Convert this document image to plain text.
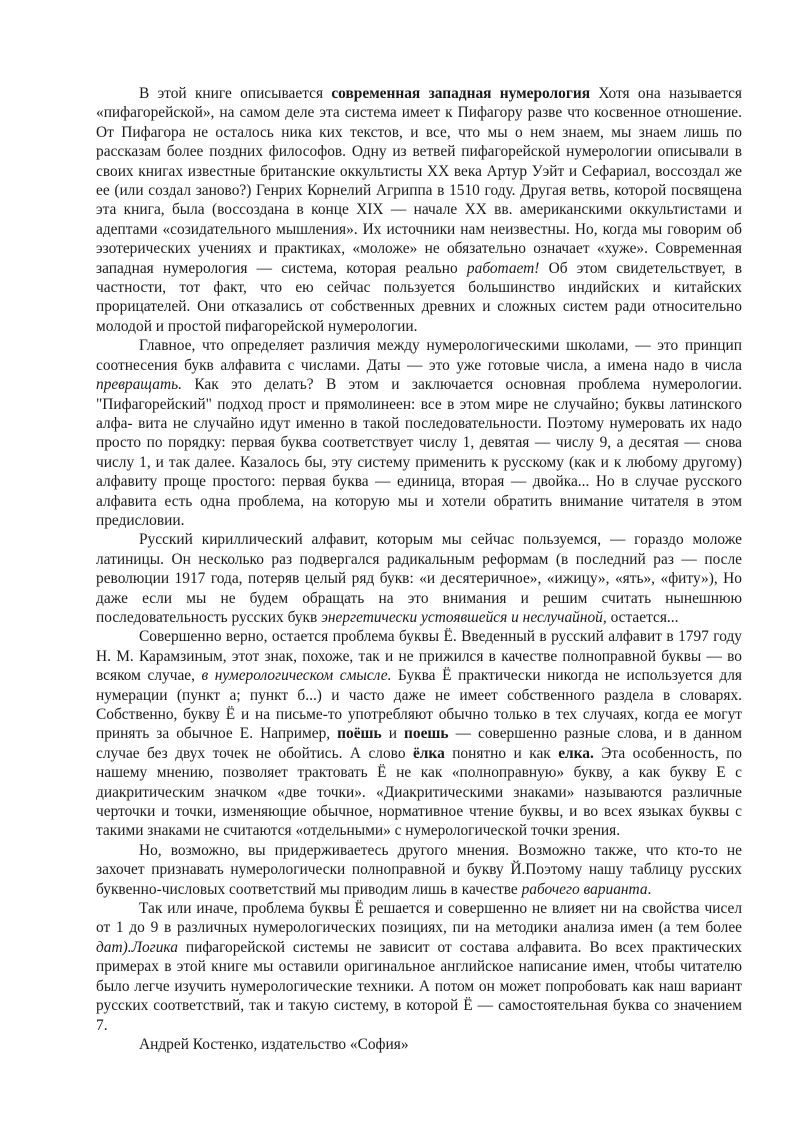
В этой книге описывается современная западная нумерология Хотя она называется «пифагорейской», на самом деле эта система имеет к Пифагору разве что косвенное отношение. От Пифагора не осталось ника ких текстов, и все, что мы о нем знаем, мы знаем лишь по рассказам более поздних философов. Одну из ветвей пифагорейской нумерологии описывали в своих книгах известные британские оккультисты XX века Артур Уэйт и Сефариал, воссоздал же ее (или создал заново?) Генрих Корнелий Агриппа в 1510 году. Другая ветвь, которой посвящена эта книга, была (воссоздана в конце XIX — начале XX вв. американскими оккультистами и адептами «созидательного мышления». Их источники нам неизвестны. Но, когда мы говорим об эзотерических учениях и практиках, «моложе» не обязательно означает «хуже». Современная западная нумерология — система, которая реально работает! Об этом свидетельствует, в частности, тот факт, что ею сейчас пользуется большинство индийских и китайских прорицателей. Они отказались от собственных древних и сложных систем ради относительно молодой и простой пифагорейской нумерологии.

Главное, что определяет различия между нумерологическими школами, — это принцип соотнесения букв алфавита с числами. Даты — это уже готовые числа, а имена надо в числа превращать. Как это делать? В этом и заключается основная проблема нумерологии. "Пифагорейский" подход прост и прямолинеен: все в этом мире не случайно; буквы латинского алфа- вита не случайно идут именно в такой последовательности. Поэтому нумеровать их надо просто по порядку: первая буква соответствует числу 1, девятая — числу 9, а десятая — снова числу 1, и так далее. Казалось бы, эту систему применить к русскому (как и к любому другому) алфавиту проще простого: первая буква — единица, вторая — двойка... Но в случае русского алфавита есть одна проблема, на которую мы и хотели обратить внимание читателя в этом предисловии.

Русский кириллический алфавит, которым мы сейчас пользуемся, — гораздо моложе латиницы. Он несколько раз подвергался радикальным реформам (в последний раз — после революции 1917 года, потеряв целый ряд букв: «и десятеричное», «ижицу», «ять», «фиту»), Но даже если мы не будем обращать на это внимания и решим считать нынешнюю последовательность русских букв энергетически устоявшейся и неслучайной, остается...

Совершенно верно, остается проблема буквы Ё. Введенный в русский алфавит в 1797 году Н. М. Карамзиным, этот знак, похоже, так и не прижился в качестве полноправной буквы — во всяком случае, в нумерологическом смысле. Буква Ё практически никогда не используется для нумерации (пункт а; пункт б...) и часто даже не имеет собственного раздела в словарях. Собственно, букву Ё и на письме-то употребляют обычно только в тех случаях, когда ее могут принять за обычное Е. Например, поёшь и поешь — совершенно разные слова, и в данном случае без двух точек не обойтись. А слово ёлка понятно и как елка. Эта особенность, по нашему мнению, позволяет трактовать Ё не как «полноправную» букву, а как букву Е с диакритическим значком «две точки». «Диакритическими знаками» называются различные черточки и точки, изменяющие обычное, нормативное чтение буквы, и во всех языках буквы с такими знаками не считаются «отдельными» с нумерологической точки зрения.

Но, возможно, вы придерживаетесь другого мнения. Возможно также, что кто-то не захочет признавать нумерологически полноправной и букву Й.Поэтому нашу таблицу русских буквенно-числовых соответствий мы приводим лишь в качестве рабочего варианта.

Так или иначе, проблема буквы Ё решается и совершенно не влияет ни на свойства чисел от 1 до 9 в различных нумерологических позициях, пи на методики анализа имен (а тем более дат).Логика пифагорейской системы не зависит от состава алфавита. Во всех практических примерах в этой книге мы оставили оригинальное английское написание имен, чтобы читателю было легче изучить нумерологические техники. А потом он может попробовать как наш вариант русских соответствий, так и такую систему, в которой Ё — самостоятельная буква со значением 7.

Андрей Костенко, издательство «София»
